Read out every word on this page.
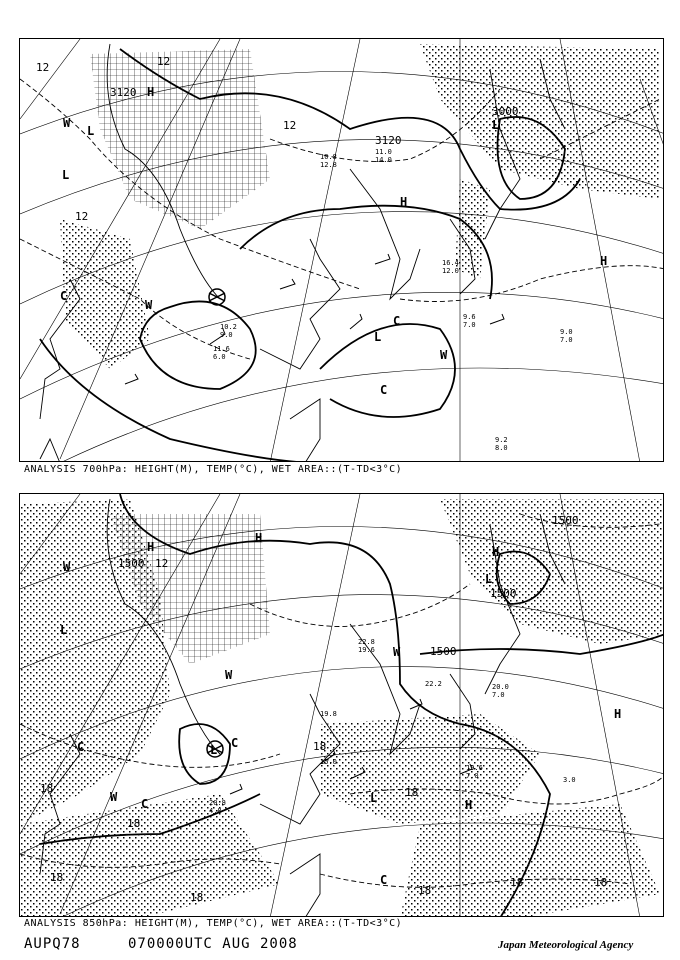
3120
3120
3000
12	12
12
12
H
H
H
W
W
W
L
L
L
L
C
C
C
10.8
12.8
11.0
14.0
9.0
7.0
9.2
8.0
9.6
7.0
11.6
6.0
16.4
12.0
10.2
9.0
ANALYSIS 700hPa: HEIGHT(M), TEMP(°C), WET AREA::(T-TD<3°C)
1500
1500
1500
1500
12
18
18
18
18
18
18
18
18	18
H
H
H
H
H
W
W
W
W
L
L
L
L
C
C
C
C
22.8
19.6
20.0
7.0
19.6
7.0
20.8
4.8
22.2
19.8
15.0
3.0
ANALYSIS 850hPa: HEIGHT(M), TEMP(°C), WET AREA::(T-TD<3°C)
AUPQ78	070000UTC AUG 2008	Japan Meteorological Agency
